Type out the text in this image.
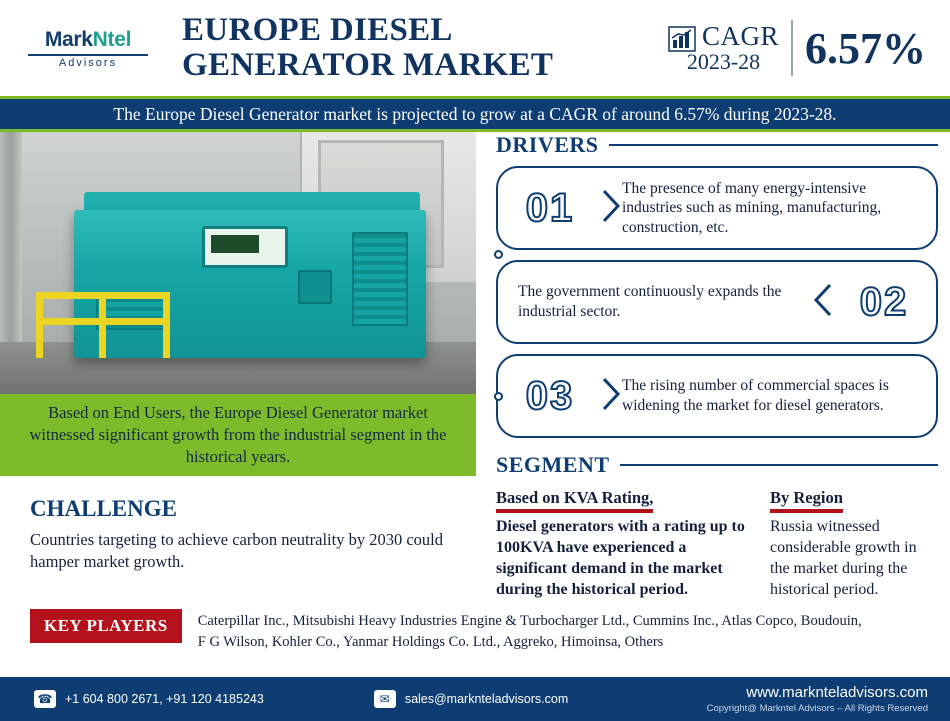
MarkNtel
Advisors
EUROPE DIESEL
GENERATOR MARKET
CAGR
2023-28	6.57%
The Europe Diesel Generator market is projected to grow at a CAGR of around 6.57% during 2023-28.
Based on End Users, the Europe Diesel Generator market witnessed significant growth from the industrial segment in the historical years.
CHALLENGE

Countries targeting to achieve carbon neutrality by 2030 could hamper market growth.

DRIVERS
01	The presence of many energy-intensive industries such as mining, manufacturing, construction, etc.
02
The government continuously expands the industrial sector.
03	The rising number of commercial spaces is widening the market for diesel generators.
SEGMENT
Based on KVA Rating,
Diesel generators with a rating up to 100KVA have experienced a significant demand in the market during the historical period.
By Region
Russia witnessed considerable growth in the market during the historical period.
KEY PLAYERS	Caterpillar Inc., Mitsubishi Heavy Industries Engine & Turbocharger Ltd., Cummins Inc., Atlas Copco, Boudouin,
F G Wilson, Kohler Co., Yanmar Holdings Co. Ltd., Aggreko, Himoinsa, Others
☎ +1 604 800 2671, +91 120 4185243	✉	sales@marknteladvisors.com	www.marknteladvisors.com
Copyright@ Markntel Advisors – All Rights Reserved
